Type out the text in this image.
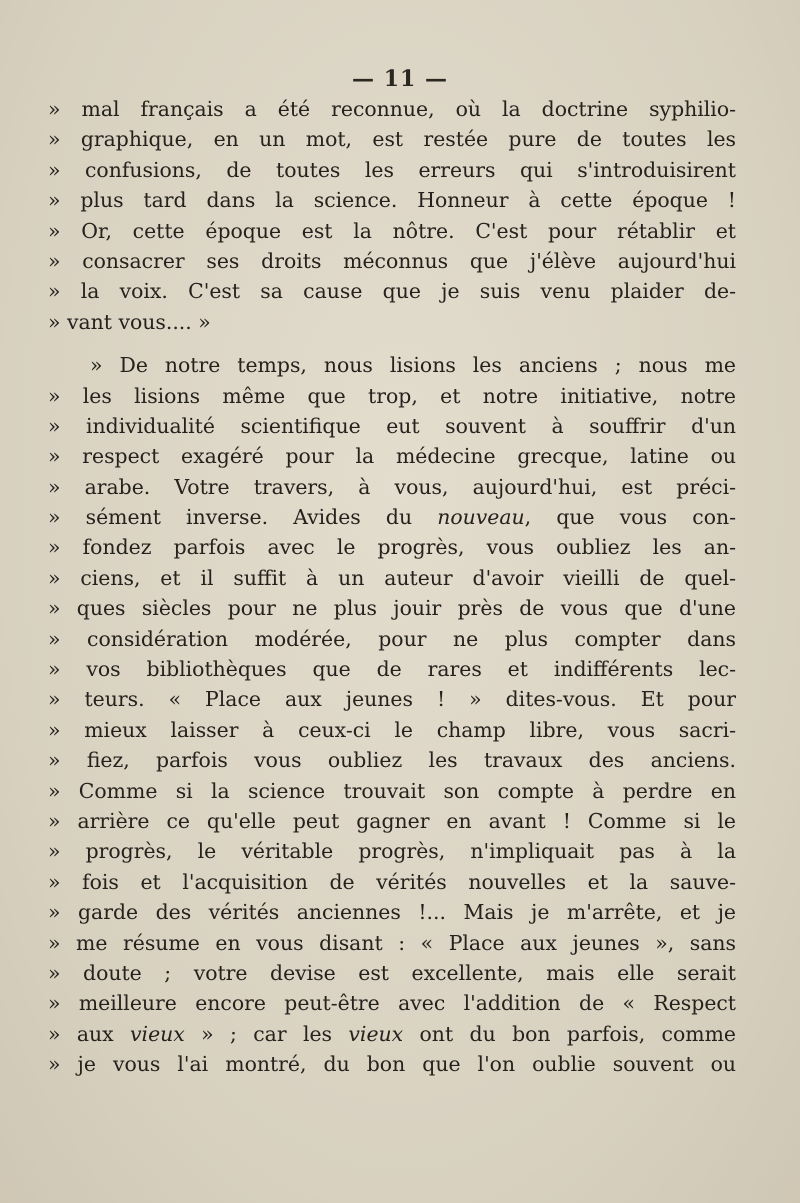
— 11 —
» mal français a été reconnue, où la doctrine syphilio-
» graphique, en un mot, est restée pure de toutes les
» confusions, de toutes les erreurs qui s'introduisirent
» plus tard dans la science. Honneur à cette époque !
» Or, cette époque est la nôtre. C'est pour rétablir et
» consacrer ses droits méconnus que j'élève aujourd'hui
» la voix. C'est sa cause que je suis venu plaider de-
» vant vous.... »
» De notre temps, nous lisions les anciens ; nous me
» les lisions même que trop, et notre initiative, notre
» individualité scientifique eut souvent à souffrir d'un
» respect exagéré pour la médecine grecque, latine ou
» arabe. Votre travers, à vous, aujourd'hui, est préci-
» sément inverse. Avides du nouveau, que vous con-
» fondez parfois avec le progrès, vous oubliez les an-
» ciens, et il suffit à un auteur d'avoir vieilli de quel-
» ques siècles pour ne plus jouir près de vous que d'une
» considération modérée, pour ne plus compter dans
» vos bibliothèques que de rares et indifférents lec-
» teurs. « Place aux jeunes ! » dites-vous. Et pour
» mieux laisser à ceux-ci le champ libre, vous sacri-
» fiez, parfois vous oubliez les travaux des anciens.
» Comme si la science trouvait son compte à perdre en
» arrière ce qu'elle peut gagner en avant ! Comme si le
» progrès, le véritable progrès, n'impliquait pas à la
» fois et l'acquisition de vérités nouvelles et la sauve-
» garde des vérités anciennes !... Mais je m'arrête, et je
» me résume en vous disant : « Place aux jeunes », sans
» doute ; votre devise est excellente, mais elle serait
» meilleure encore peut-être avec l'addition de « Respect
» aux vieux » ; car les vieux ont du bon parfois, comme
» je vous l'ai montré, du bon que l'on oublie souvent ou
